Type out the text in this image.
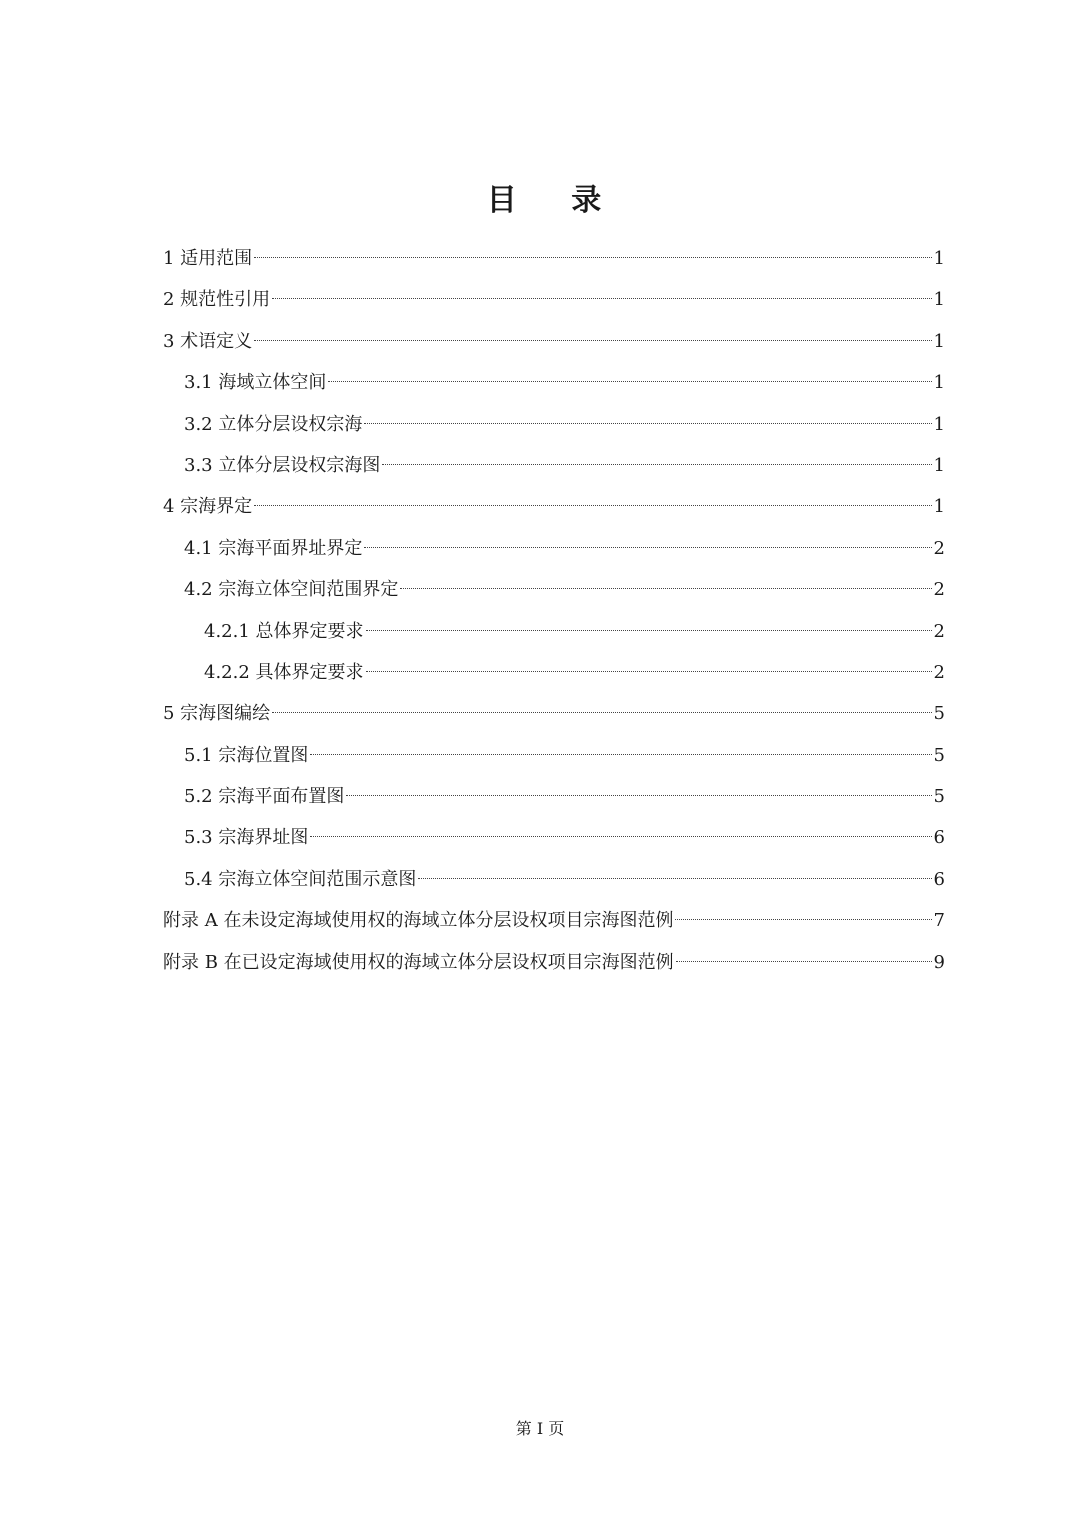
目 录
1 适用范围	1
2 规范性引用	1
3 术语定义	1
3.1 海域立体空间	1
3.2 立体分层设权宗海	1
3.3 立体分层设权宗海图	1
4 宗海界定	1
4.1 宗海平面界址界定	2
4.2 宗海立体空间范围界定	2
4.2.1 总体界定要求	2
4.2.2 具体界定要求	2
5 宗海图编绘	5
5.1 宗海位置图	5
5.2 宗海平面布置图	5
5.3 宗海界址图	6
5.4 宗海立体空间范围示意图	6
附录 A 在未设定海域使用权的海域立体分层设权项目宗海图范例	7
附录 B 在已设定海域使用权的海域立体分层设权项目宗海图范例	9
第 I 页
